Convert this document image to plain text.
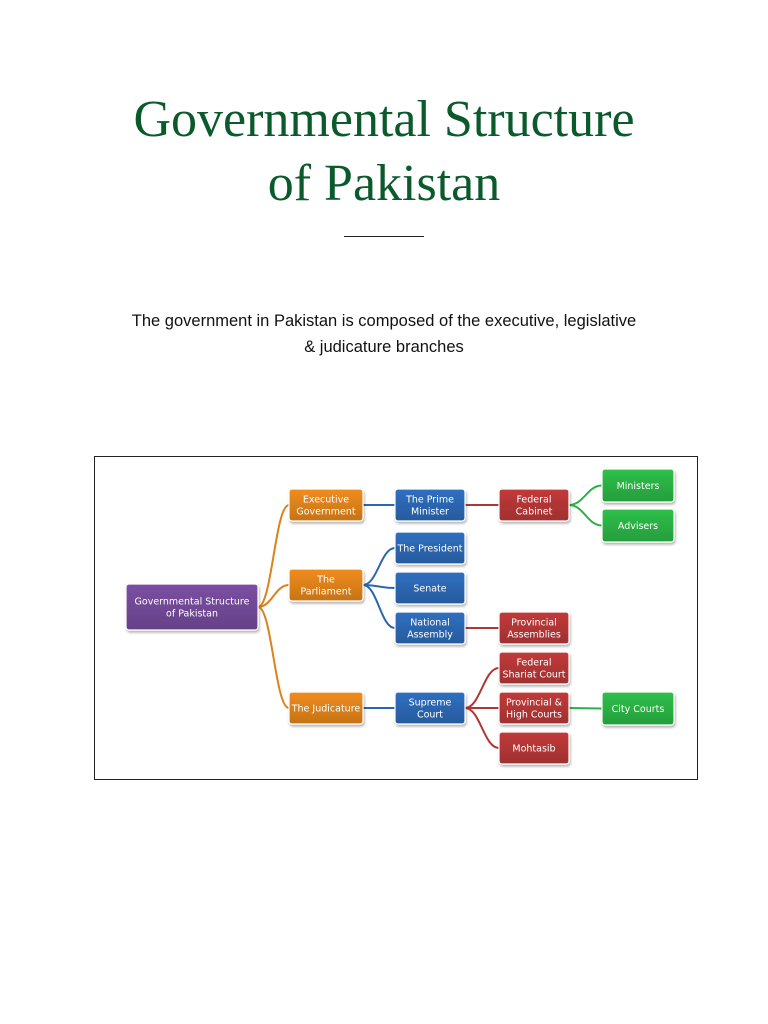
Governmental Structure
of Pakistan

The government in Pakistan is composed of the executive, legislative
& judicature branches

Governmental Structure
of Pakistan
Executive
Government
The
Parliament
The Judicature
The Prime
Minister
The President
Senate
National
Assembly
Supreme
Court
Federal
Cabinet
Provincial
Assemblies
Federal
Shariat Court
Provincial &
High Courts
Mohtasib
Ministers
Advisers
City Courts
